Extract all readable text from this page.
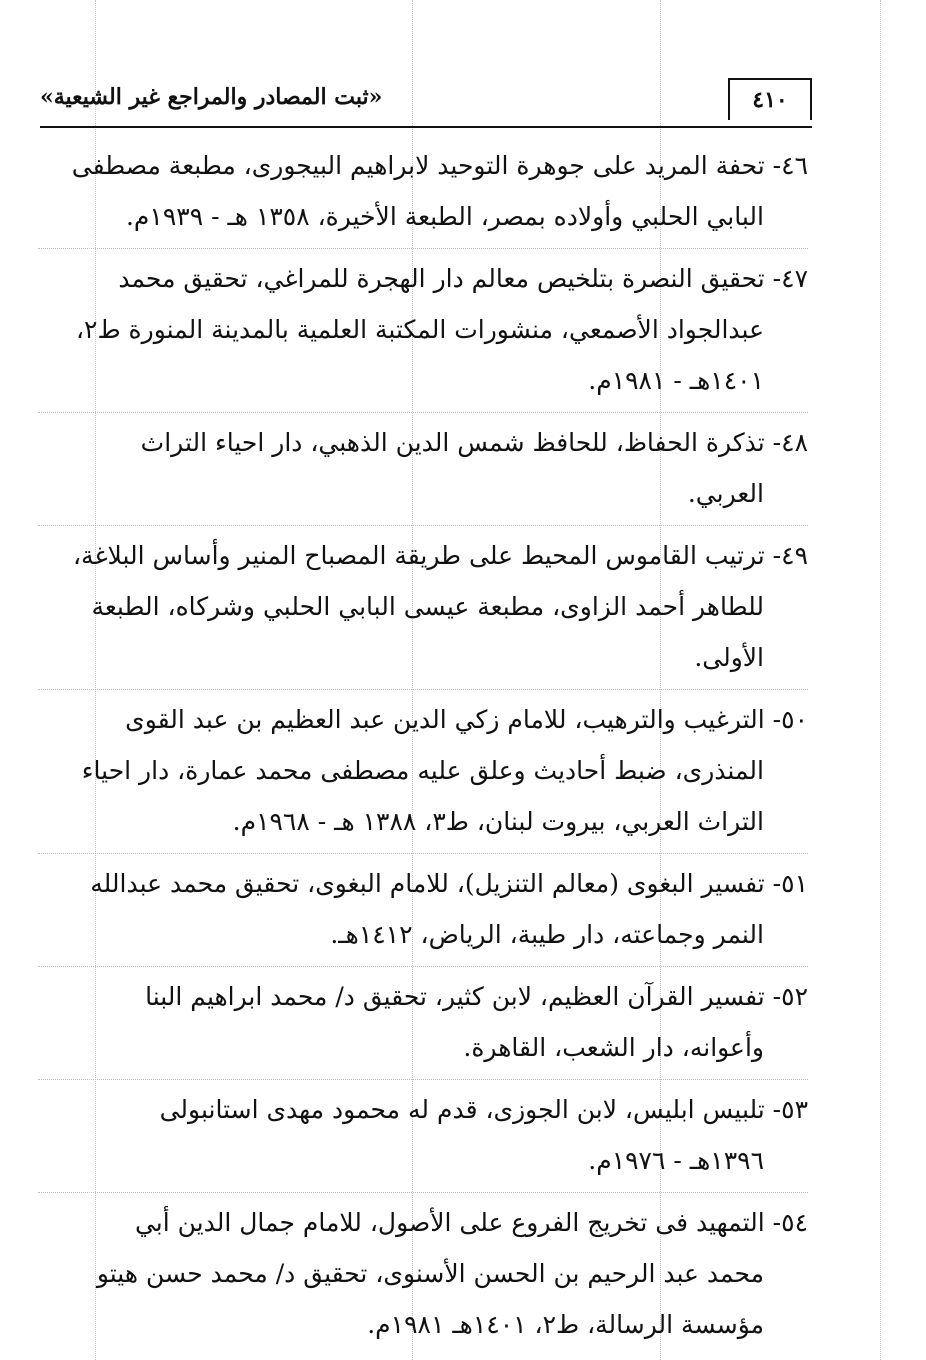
«ثبت المصادر والمراجع غير الشيعية»	٤١٠
٤٦- تحفة المريد على جوهرة التوحيد لابراهيم البيجورى، مطبعة مصطفى
البابي الحلبي وأولاده بمصر، الطبعة الأخيرة، ١٣٥٨ هـ - ١٩٣٩م.
٤٧- تحقيق النصرة بتلخيص معالم دار الهجرة للمراغي، تحقيق محمد
عبدالجواد الأصمعي، منشورات المكتبة العلمية بالمدينة المنورة ط٢،
١٤٠١هـ - ١٩٨١م.
٤٨- تذكرة الحفاظ، للحافظ شمس الدين الذهبي، دار احياء التراث
العربي.
٤٩- ترتيب القاموس المحيط على طريقة المصباح المنير وأساس البلاغة،
للطاهر أحمد الزاوى، مطبعة عيسى البابي الحلبي وشركاه، الطبعة
الأولى.
٥٠- الترغيب والترهيب، للامام زكي الدين عبد العظيم بن عبد القوى
المنذرى، ضبط أحاديث وعلق عليه مصطفى محمد عمارة، دار احياء
التراث العربي، بيروت لبنان، ط٣، ١٣٨٨ هـ - ١٩٦٨م.
٥١- تفسير البغوى (معالم التنزيل)، للامام البغوى، تحقيق محمد عبدالله
النمر وجماعته، دار طيبة، الرياض، ١٤١٢هـ.
٥٢- تفسير القرآن العظيم، لابن كثير، تحقيق د/ محمد ابراهيم البنا
وأعوانه، دار الشعب، القاهرة.
٥٣- تلبيس ابليس، لابن الجوزى، قدم له محمود مهدى استانبولى
١٣٩٦هـ - ١٩٧٦م.
٥٤- التمهيد فى تخريج الفروع على الأصول، للامام جمال الدين أبي
محمد عبد الرحيم بن الحسن الأسنوى، تحقيق د/ محمد حسن هيتو
مؤسسة الرسالة، ط٢، ١٤٠١هـ ١٩٨١م.
